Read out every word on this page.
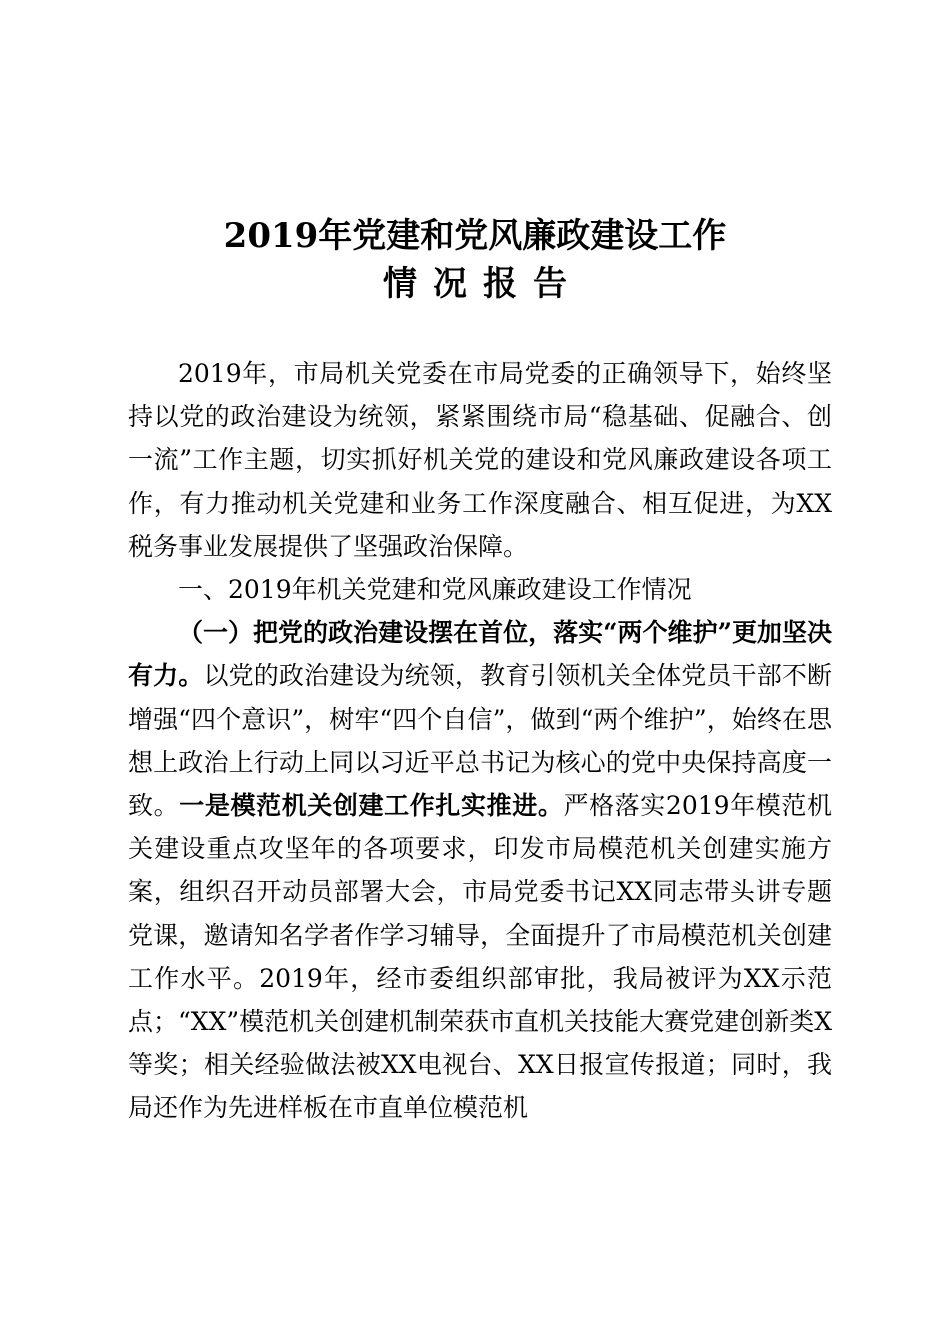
2019年党建和党风廉政建设工作
情况报告

2019年，市局机关党委在市局党委的正确领导下，始终坚持以党的政治建设为统领，紧紧围绕市局“稳基础、促融合、创一流”工作主题，切实抓好机关党的建设和党风廉政建设各项工作，有力推动机关党建和业务工作深度融合、相互促进，为XX税务事业发展提供了坚强政治保障。

一、2019年机关党建和党风廉政建设工作情况

（一）把党的政治建设摆在首位，落实“两个维护”更加坚决有力。以党的政治建设为统领，教育引领机关全体党员干部不断增强“四个意识”，树牢“四个自信”，做到“两个维护”，始终在思想上政治上行动上同以习近平总书记为核心的党中央保持高度一致。一是模范机关创建工作扎实推进。严格落实2019年模范机关建设重点攻坚年的各项要求，印发市局模范机关创建实施方案，组织召开动员部署大会，市局党委书记XX同志带头讲专题党课，邀请知名学者作学习辅导，全面提升了市局模范机关创建工作水平。2019年，经市委组织部审批，我局被评为XX示范点；“XX”模范机关创建机制荣获市直机关技能大赛党建创新类X等奖；相关经验做法被XX电视台、XX日报宣传报道；同时，我局还作为先进样板在市直单位模范机
